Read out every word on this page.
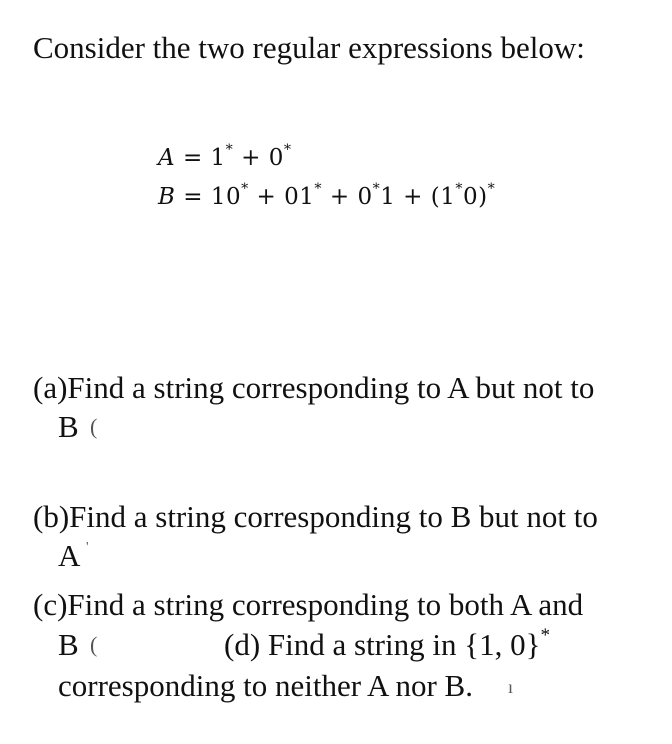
Consider the two regular expressions below:
A = 1* + 0*
B = 10* + 01* + 0*1 + (1*0)*
(a)Find a string corresponding to A but not to
B (
(b)Find a string corresponding to B but not to
A '
(c)Find a string corresponding to both A and
B (	(d) Find a string in {1, 0}*
corresponding to neither A nor B. ı
